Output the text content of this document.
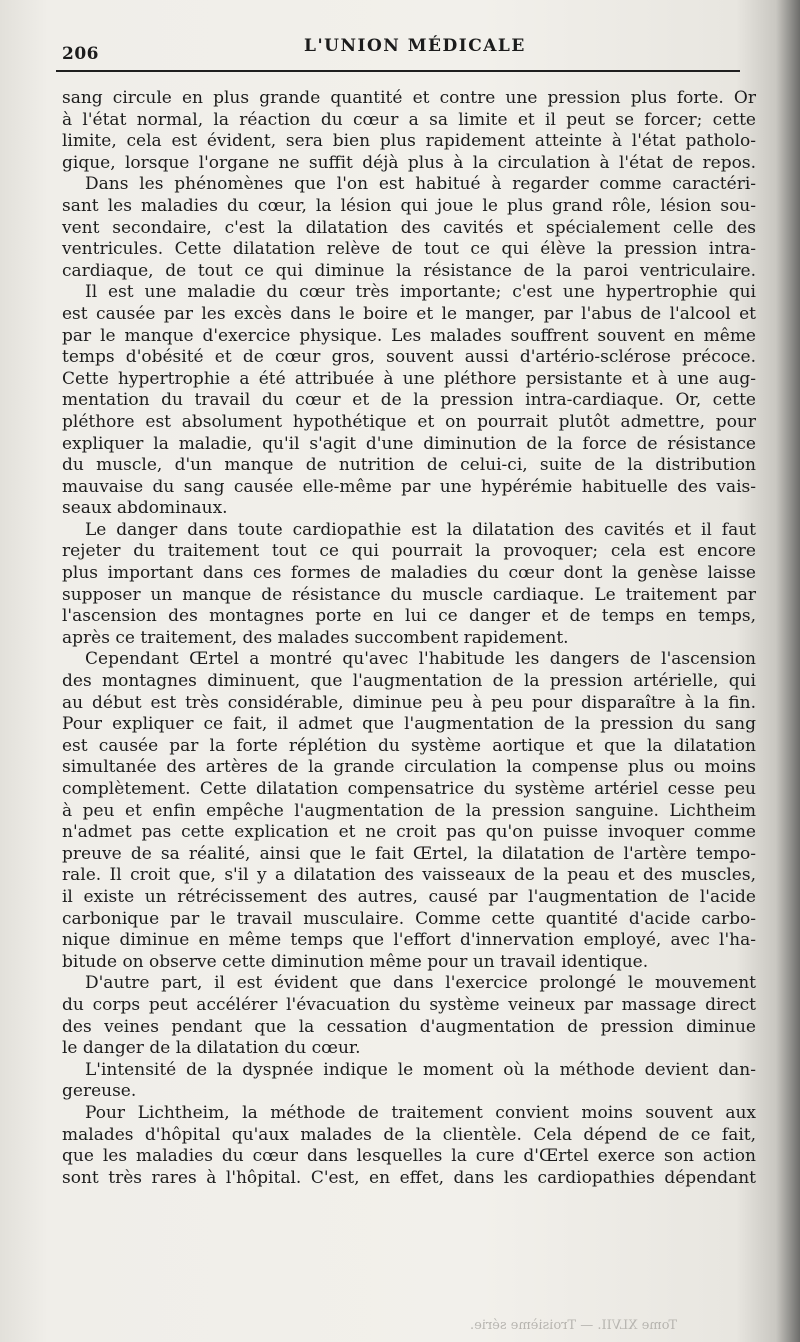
206	L'UNION MÉDICALE
sang circule en plus grande quantité et contre une pression plus forte. Or
à l'état normal, la réaction du cœur a sa limite et il peut se forcer; cette
limite, cela est évident, sera bien plus rapidement atteinte à l'état patholo-
gique, lorsque l'organe ne suffit déjà plus à la circulation à l'état de repos.
Dans les phénomènes que l'on est habitué à regarder comme caractéri-
sant les maladies du cœur, la lésion qui joue le plus grand rôle, lésion sou-
vent secondaire, c'est la dilatation des cavités et spécialement celle des
ventricules. Cette dilatation relève de tout ce qui élève la pression intra-
cardiaque, de tout ce qui diminue la résistance de la paroi ventriculaire.
Il est une maladie du cœur très importante; c'est une hypertrophie qui
est causée par les excès dans le boire et le manger, par l'abus de l'alcool et
par le manque d'exercice physique. Les malades souffrent souvent en même
temps d'obésité et de cœur gros, souvent aussi d'artério-sclérose précoce.
Cette hypertrophie a été attribuée à une pléthore persistante et à une aug-
mentation du travail du cœur et de la pression intra-cardiaque. Or, cette
pléthore est absolument hypothétique et on pourrait plutôt admettre, pour
expliquer la maladie, qu'il s'agit d'une diminution de la force de résistance
du muscle, d'un manque de nutrition de celui-ci, suite de la distribution
mauvaise du sang causée elle-même par une hypérémie habituelle des vais-
seaux abdominaux.
Le danger dans toute cardiopathie est la dilatation des cavités et il faut
rejeter du traitement tout ce qui pourrait la provoquer; cela est encore
plus important dans ces formes de maladies du cœur dont la genèse laisse
supposer un manque de résistance du muscle cardiaque. Le traitement par
l'ascension des montagnes porte en lui ce danger et de temps en temps,
après ce traitement, des malades succombent rapidement.
Cependant Œrtel a montré qu'avec l'habitude les dangers de l'ascension
des montagnes diminuent, que l'augmentation de la pression artérielle, qui
au début est très considérable, diminue peu à peu pour disparaître à la fin.
Pour expliquer ce fait, il admet que l'augmentation de la pression du sang
est causée par la forte réplétion du système aortique et que la dilatation
simultanée des artères de la grande circulation la compense plus ou moins
complètement. Cette dilatation compensatrice du système artériel cesse peu
à peu et enfin empêche l'augmentation de la pression sanguine. Lichtheim
n'admet pas cette explication et ne croit pas qu'on puisse invoquer comme
preuve de sa réalité, ainsi que le fait Œrtel, la dilatation de l'artère tempo-
rale. Il croit que, s'il y a dilatation des vaisseaux de la peau et des muscles,
il existe un rétrécissement des autres, causé par l'augmentation de l'acide
carbonique par le travail musculaire. Comme cette quantité d'acide carbo-
nique diminue en même temps que l'effort d'innervation employé, avec l'ha-
bitude on observe cette diminution même pour un travail identique.
D'autre part, il est évident que dans l'exercice prolongé le mouvement
du corps peut accélérer l'évacuation du système veineux par massage direct
des veines pendant que la cessation d'augmentation de pression diminue
le danger de la dilatation du cœur.
L'intensité de la dyspnée indique le moment où la méthode devient dan-
gereuse.
Pour Lichtheim, la méthode de traitement convient moins souvent aux
malades d'hôpital qu'aux malades de la clientèle. Cela dépend de ce fait,
que les maladies du cœur dans lesquelles la cure d'Œrtel exerce son action
sont très rares à l'hôpital. C'est, en effet, dans les cardiopathies dépendant
Tome XLVII. — Troisième série.
